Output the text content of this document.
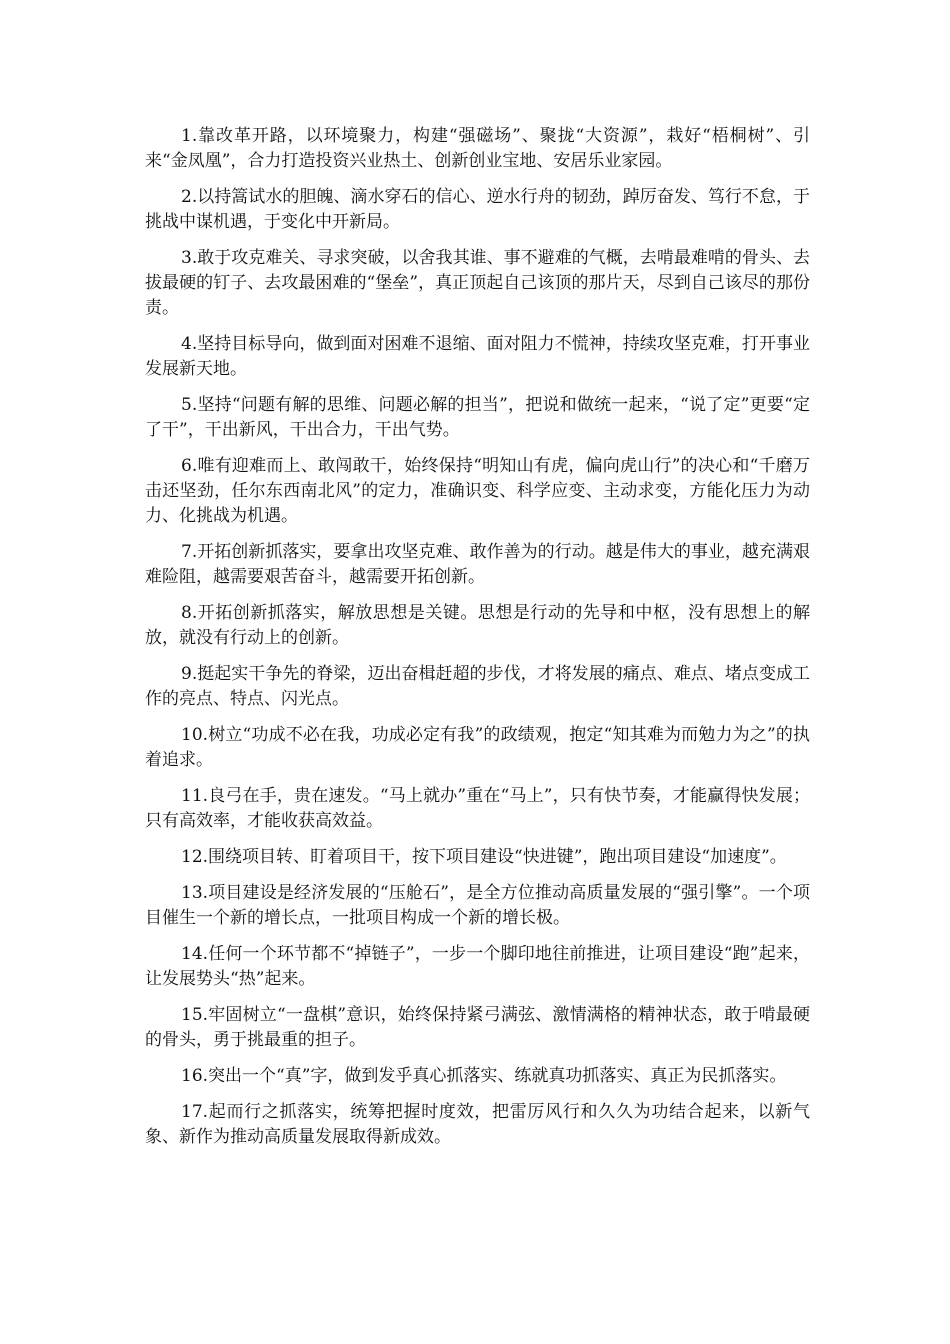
1.靠改革开路，以环境聚力，构建“强磁场”、聚拢“大资源”，栽好“梧桐树”、引来“金凤凰”，合力打造投资兴业热土、创新创业宝地、安居乐业家园。

2.以持篙试水的胆魄、滴水穿石的信心、逆水行舟的韧劲，踔厉奋发、笃行不怠，于挑战中谋机遇，于变化中开新局。

3.敢于攻克难关、寻求突破，以舍我其谁、事不避难的气概，去啃最难啃的骨头、去拔最硬的钉子、去攻最困难的“堡垒”，真正顶起自己该顶的那片天，尽到自己该尽的那份责。

4.坚持目标导向，做到面对困难不退缩、面对阻力不慌神，持续攻坚克难，打开事业发展新天地。

5.坚持“问题有解的思维、问题必解的担当”，把说和做统一起来，“说了定”更要“定了干”，干出新风，干出合力，干出气势。

6.唯有迎难而上、敢闯敢干，始终保持“明知山有虎，偏向虎山行”的决心和“千磨万击还坚劲，任尔东西南北风”的定力，准确识变、科学应变、主动求变，方能化压力为动力、化挑战为机遇。

7.开拓创新抓落实，要拿出攻坚克难、敢作善为的行动。越是伟大的事业，越充满艰难险阻，越需要艰苦奋斗，越需要开拓创新。

8.开拓创新抓落实，解放思想是关键。思想是行动的先导和中枢，没有思想上的解放，就没有行动上的创新。

9.挺起实干争先的脊梁，迈出奋楫赶超的步伐，才将发展的痛点、难点、堵点变成工作的亮点、特点、闪光点。

10.树立“功成不必在我，功成必定有我”的政绩观，抱定“知其难为而勉力为之”的执着追求。

11.良弓在手，贵在速发。“马上就办”重在“马上”，只有快节奏，才能赢得快发展；只有高效率，才能收获高效益。

12.围绕项目转、盯着项目干，按下项目建设“快进键”，跑出项目建设“加速度”。

13.项目建设是经济发展的“压舱石”，是全方位推动高质量发展的“强引擎”。一个项目催生一个新的增长点，一批项目构成一个新的增长极。

14.任何一个环节都不“掉链子”，一步一个脚印地往前推进，让项目建设“跑”起来，让发展势头“热”起来。

15.牢固树立“一盘棋”意识，始终保持紧弓满弦、激情满格的精神状态，敢于啃最硬的骨头，勇于挑最重的担子。

16.突出一个“真”字，做到发乎真心抓落实、练就真功抓落实、真正为民抓落实。

17.起而行之抓落实，统筹把握时度效，把雷厉风行和久久为功结合起来，以新气象、新作为推动高质量发展取得新成效。
